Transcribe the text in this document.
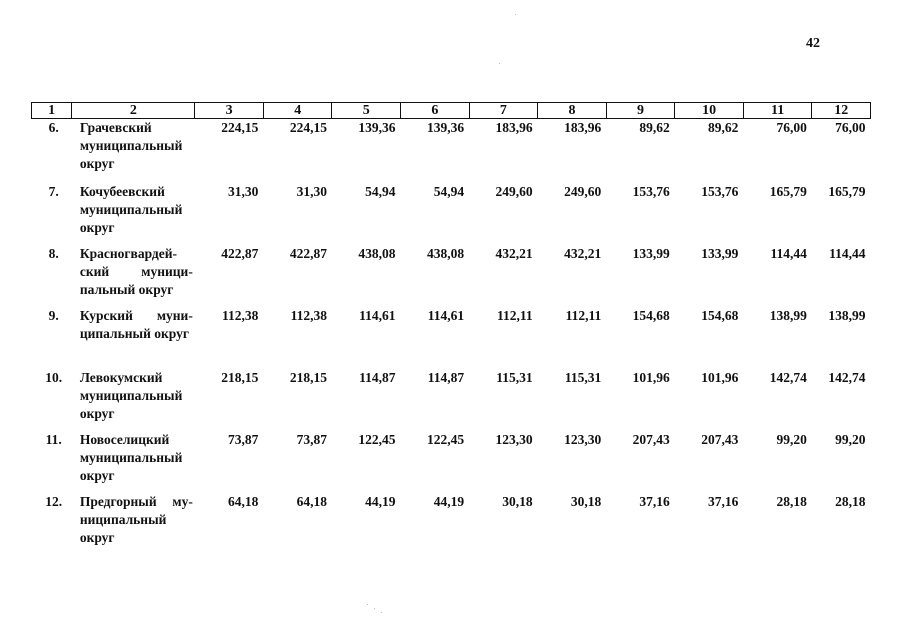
42
1	2	3	4	5	6	7	8	9	10	11	12
6.	Грачевский муниципальный округ	224,15	224,15	139,36	139,36	183,96	183,96	89,62	89,62	76,00	76,00
7.	Кочубеевский муниципальный округ	31,30	31,30	54,94	54,94	249,60	249,60	153,76	153,76	165,79	165,79
8.	Красногвардейский муниципальный округ	422,87	422,87	438,08	438,08	432,21	432,21	133,99	133,99	114,44	114,44
9.	Курский муниципальный округ	112,38	112,38	114,61	114,61	112,11	112,11	154,68	154,68	138,99	138,99
10.	Левокумский муниципальный округ	218,15	218,15	114,87	114,87	115,31	115,31	101,96	101,96	142,74	142,74
11.	Новоселицкий муниципальный округ	73,87	73,87	122,45	122,45	123,30	123,30	207,43	207,43	99,20	99,20
12.	Предгорный муниципальный округ	64,18	64,18	44,19	44,19	30,18	30,18	37,16	37,16	28,18	28,18
